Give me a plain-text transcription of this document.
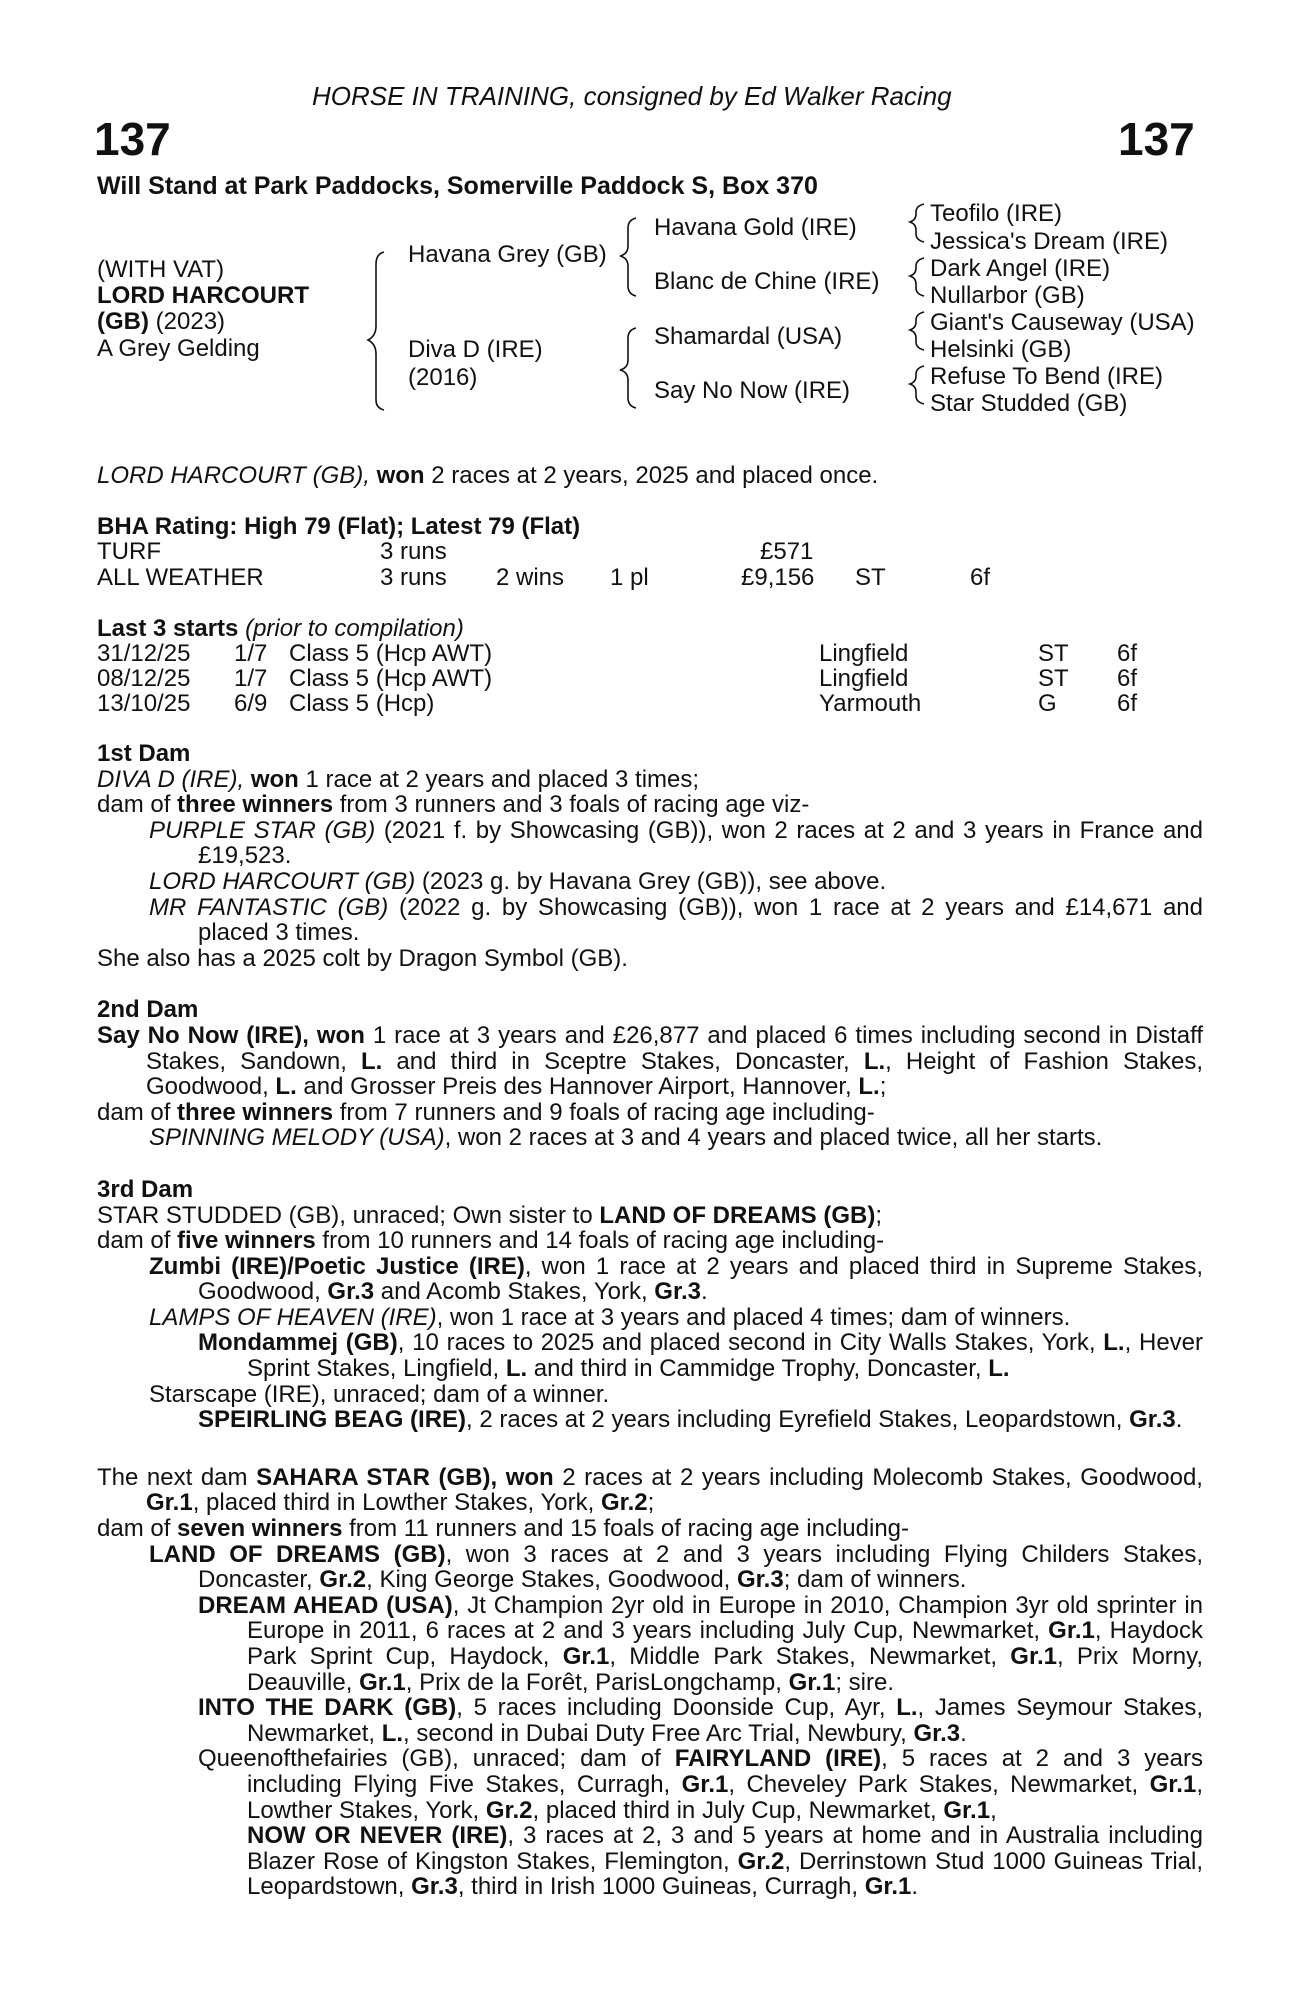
HORSE IN TRAINING, consigned by Ed Walker Racing
137	137
Will Stand at Park Paddocks, Somerville Paddock S, Box 370
(WITH VAT)
LORD HARCOURT
(GB) (2023)
A Grey Gelding
Havana Grey (GB)
Diva D (IRE)
(2016)
Havana Gold (IRE)
Blanc de Chine (IRE)
Shamardal (USA)
Say No Now (IRE)
Teofilo (IRE)
Jessica's Dream (IRE)
Dark Angel (IRE)
Nullarbor (GB)
Giant's Causeway (USA)
Helsinki (GB)
Refuse To Bend (IRE)
Star Studded (GB)
LORD HARCOURT (GB), won 2 races at 2 years, 2025 and placed once.
BHA Rating: High 79 (Flat); Latest 79 (Flat)
TURF	3 runs	£571
ALL WEATHER	3 runs 2 wins 1 pl	£9,156 ST	6f
Last 3 starts (prior to compilation)
31/12/25 1/7 Class 5 (Hcp AWT)	Lingfield	ST 6f
08/12/25 1/7 Class 5 (Hcp AWT)	Lingfield	ST 6f
13/10/25 6/9 Class 5 (Hcp)	Yarmouth	G	6f

1st Dam

DIVA D (IRE), won 1 race at 2 years and placed 3 times;

dam of three winners from 3 runners and 3 foals of racing age viz-

PURPLE STAR (GB) (2021 f. by Showcasing (GB)), won 2 races at 2 and 3 years in France and £19,523.

LORD HARCOURT (GB) (2023 g. by Havana Grey (GB)), see above.

MR FANTASTIC (GB) (2022 g. by Showcasing (GB)), won 1 race at 2 years and £14,671 and placed 3 times.

She also has a 2025 colt by Dragon Symbol (GB).

2nd Dam

Say No Now (IRE), won 1 race at 3 years and £26,877 and placed 6 times including second in Distaff Stakes, Sandown, L. and third in Sceptre Stakes, Doncaster, L., Height of Fashion Stakes, Goodwood, L. and Grosser Preis des Hannover Airport, Hannover, L.;

dam of three winners from 7 runners and 9 foals of racing age including-

SPINNING MELODY (USA), won 2 races at 3 and 4 years and placed twice, all her starts.

3rd Dam

STAR STUDDED (GB), unraced; Own sister to LAND OF DREAMS (GB);

dam of five winners from 10 runners and 14 foals of racing age including-

Zumbi (IRE)/Poetic Justice (IRE), won 1 race at 2 years and placed third in Supreme Stakes, Goodwood, Gr.3 and Acomb Stakes, York, Gr.3.

LAMPS OF HEAVEN (IRE), won 1 race at 3 years and placed 4 times; dam of winners.

Mondammej (GB), 10 races to 2025 and placed second in City Walls Stakes, York, L., Hever Sprint Stakes, Lingfield, L. and third in Cammidge Trophy, Doncaster, L.

Starscape (IRE), unraced; dam of a winner.

SPEIRLING BEAG (IRE), 2 races at 2 years including Eyrefield Stakes, Leopardstown, Gr.3.

The next dam SAHARA STAR (GB), won 2 races at 2 years including Molecomb Stakes, Goodwood, Gr.1, placed third in Lowther Stakes, York, Gr.2;

dam of seven winners from 11 runners and 15 foals of racing age including-

LAND OF DREAMS (GB), won 3 races at 2 and 3 years including Flying Childers Stakes, Doncaster, Gr.2, King George Stakes, Goodwood, Gr.3; dam of winners.

DREAM AHEAD (USA), Jt Champion 2yr old in Europe in 2010, Champion 3yr old sprinter in Europe in 2011, 6 races at 2 and 3 years including July Cup, Newmarket, Gr.1, Haydock Park Sprint Cup, Haydock, Gr.1, Middle Park Stakes, Newmarket, Gr.1, Prix Morny, Deauville, Gr.1, Prix de la Forêt, ParisLongchamp, Gr.1; sire.

INTO THE DARK (GB), 5 races including Doonside Cup, Ayr, L., James Seymour Stakes, Newmarket, L., second in Dubai Duty Free Arc Trial, Newbury, Gr.3.

Queenofthefairies (GB), unraced; dam of FAIRYLAND (IRE), 5 races at 2 and 3 years including Flying Five Stakes, Curragh, Gr.1, Cheveley Park Stakes, Newmarket, Gr.1, Lowther Stakes, York, Gr.2, placed third in July Cup, Newmarket, Gr.1,

NOW OR NEVER (IRE), 3 races at 2, 3 and 5 years at home and in Australia including Blazer Rose of Kingston Stakes, Flemington, Gr.2, Derrinstown Stud 1000 Guineas Trial, Leopardstown, Gr.3, third in Irish 1000 Guineas, Curragh, Gr.1.
